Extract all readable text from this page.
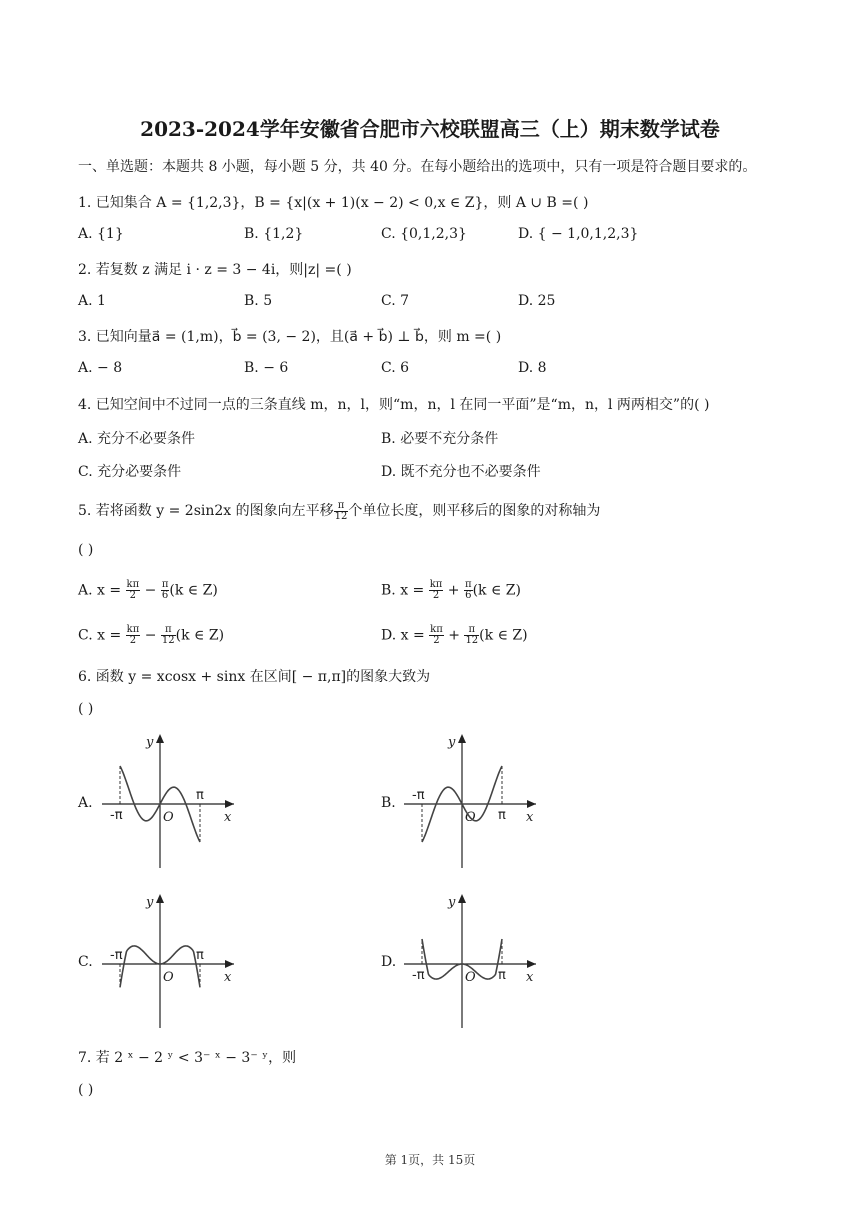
2023-2024学年安徽省合肥市六校联盟高三（上）期末数学试卷
一、单选题：本题共 8 小题，每小题 5 分，共 40 分。在每小题给出的选项中，只有一项是符合题目要求的。
1. 已知集合 A = {1,2,3}，B = {x|(x + 1)(x − 2) < 0,x ∈ Z}，则 A ∪ B =( )
A. {1}	B. {1,2}	C. {0,1,2,3}	D. { − 1,0,1,2,3}
2. 若复数 z 满足 i · z = 3 − 4i，则|z| =( )
A. 1	B. 5	C. 7	D. 25
3. 已知向量a⃗ = (1,m)，b⃗ = (3, − 2)，且(a⃗ + b⃗) ⊥ b⃗，则 m =( )
A. − 8	B. − 6	C. 6	D. 8
4. 已知空间中不过同一点的三条直线 m，n，l，则“m，n，l 在同一平面”是“m，n，l 两两相交”的( )
A. 充分不必要条件	B. 必要不充分条件
C. 充分必要条件	D. 既不充分也不必要条件
5. 若将函数 y = 2sin2x 的图象向左平移 $\frac{\pi}{12}$ 个单位长度，则平移后的图象的对称轴为
( )
A. $x = \frac{k\pi}{2} - \frac{\pi}{6} (k$ ∈ Z)	B. $x = \frac{k\pi}{2} + \frac{\pi}{6} (k$ ∈ Z)
C. $x = \frac{k\pi}{2} - \frac{\pi}{12} (k$ ∈ Z)	D. $x = \frac{k\pi}{2} + \frac{\pi}{12} (k$ ∈ Z)
6. 函数 y = xcosx + sinx 在区间[ − π,π]的图象大致为
( )
A.	B.
C.	D.
y
x
O
-π
π
y
x
O
-π
π
y
x
O
-π	π
y
x
O
-π	π
7. 若 2 ˣ − 2 ʸ < 3⁻ ˣ − 3⁻ ʸ，则
( )
第 1页，共 15页
